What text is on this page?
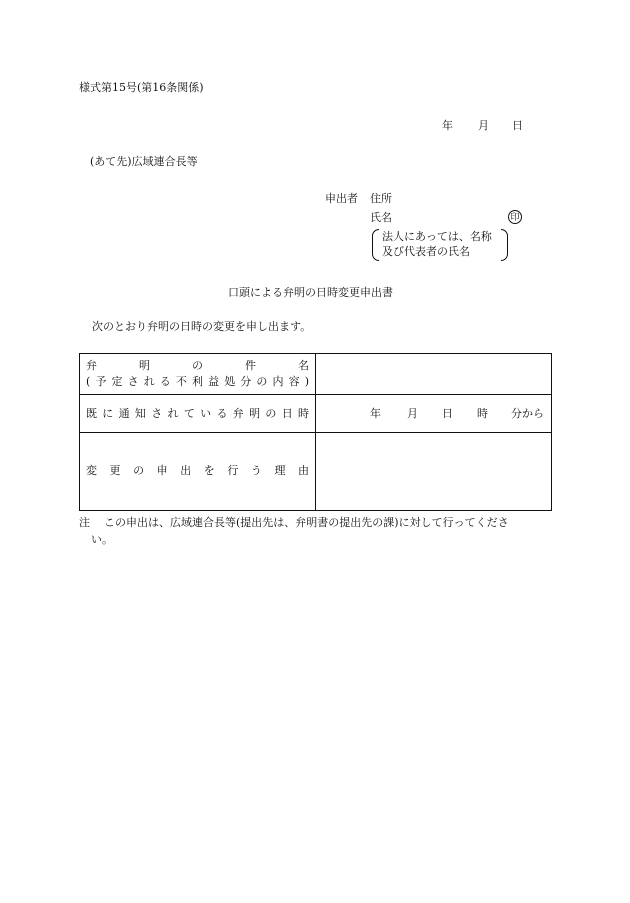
様式第15号(第16条関係)
年 月 日
(あて先)広域連合長等
申出者 住所
氏名	印
法人にあっては、名称
及び代表者の氏名
口頭による弁明の日時変更申出書
次のとおり弁明の日時の変更を申し出ます。
弁明の件名
(予定される不利益処分の内容)
既に通知されている弁明の日時	年 月 日 時 分から
変更の申出を行う理由
注 この申出は、広域連合長等(提出先は、弁明書の提出先の課)に対して行ってくださ
い。
